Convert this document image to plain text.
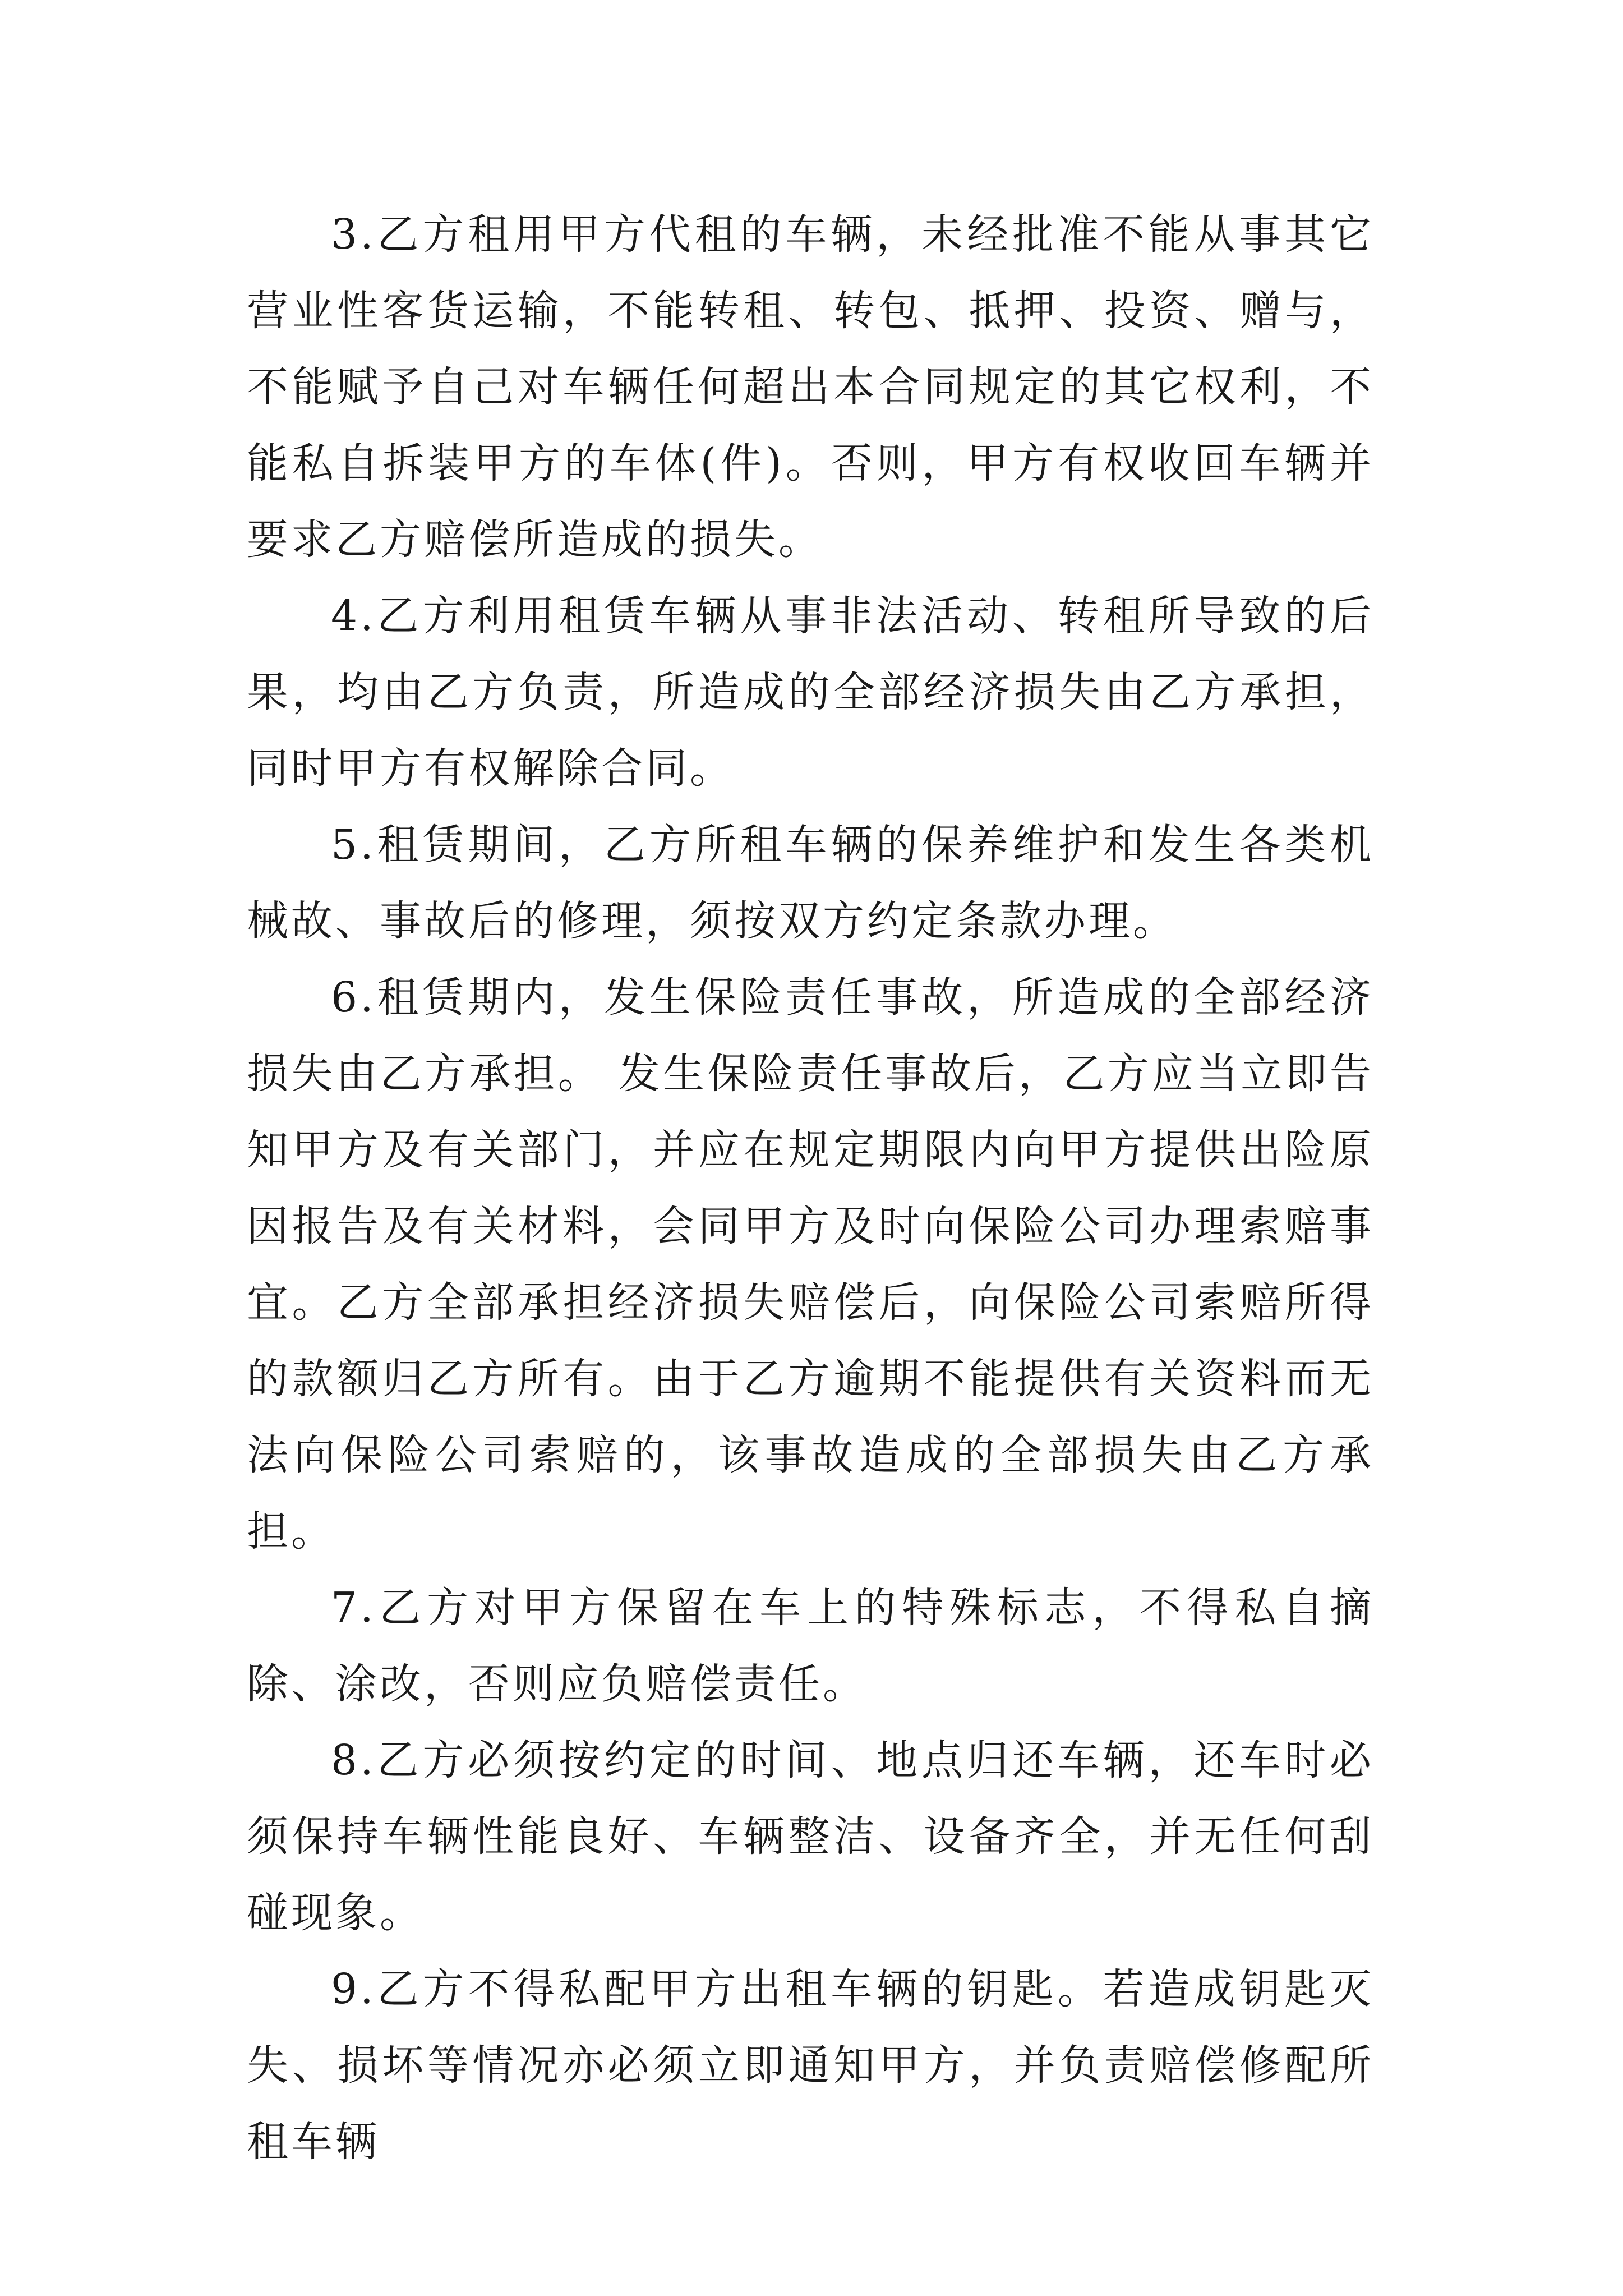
3.乙方租用甲方代租的车辆，未经批准不能从事其它营业性客货运输，不能转租、转包、抵押、投资、赠与，不能赋予自己对车辆任何超出本合同规定的其它权利，不能私自拆装甲方的车体(件)。否则，甲方有权收回车辆并要求乙方赔偿所造成的损失。

4.乙方利用租赁车辆从事非法活动、转租所导致的后果，均由乙方负责，所造成的全部经济损失由乙方承担，同时甲方有权解除合同。

5.租赁期间，乙方所租车辆的保养维护和发生各类机械故、事故后的修理，须按双方约定条款办理。

6.租赁期内，发生保险责任事故，所造成的全部经济损失由乙方承担。 发生保险责任事故后，乙方应当立即告知甲方及有关部门，并应在规定期限内向甲方提供出险原因报告及有关材料，会同甲方及时向保险公司办理索赔事宜。乙方全部承担经济损失赔偿后，向保险公司索赔所得的款额归乙方所有。由于乙方逾期不能提供有关资料而无法向保险公司索赔的，该事故造成的全部损失由乙方承担。

7.乙方对甲方保留在车上的特殊标志，不得私自摘除、涂改，否则应负赔偿责任。

8.乙方必须按约定的时间、地点归还车辆，还车时必须保持车辆性能良好、车辆整洁、设备齐全，并无任何刮碰现象。

9.乙方不得私配甲方出租车辆的钥匙。若造成钥匙灭失、损坏等情况亦必须立即通知甲方，并负责赔偿修配所租车辆
